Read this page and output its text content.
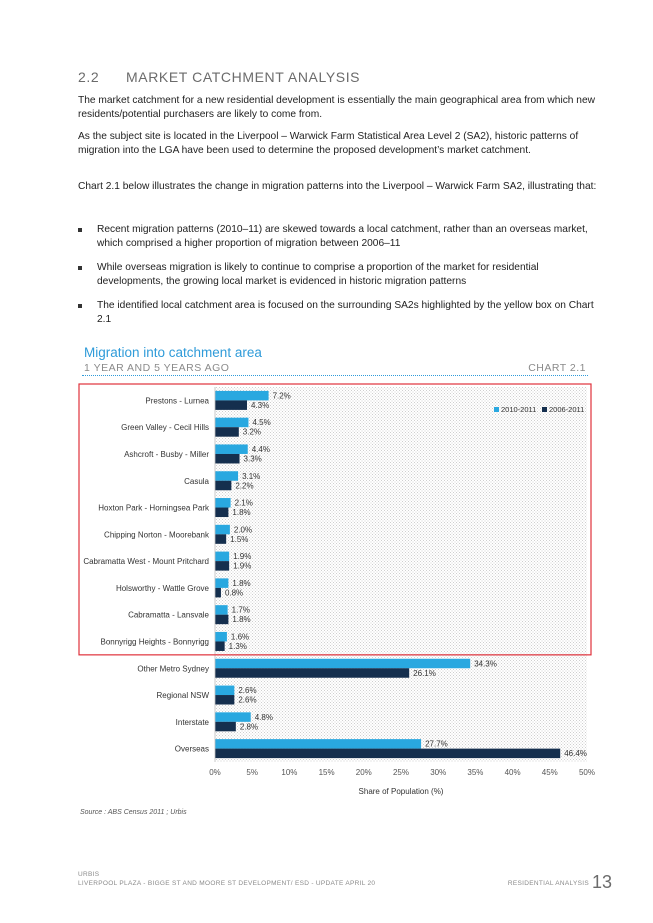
2.2 MARKET CATCHMENT ANALYSIS
The market catchment for a new residential development is essentially the main geographical area from which new residents/potential purchasers are likely to come from.
As the subject site is located in the Liverpool – Warwick Farm Statistical Area Level 2 (SA2), historic patterns of migration into the LGA have been used to determine the proposed development’s market catchment.
Chart 2.1 below illustrates the change in migration patterns into the Liverpool – Warwick Farm SA2, illustrating that:
Recent migration patterns (2010–11) are skewed towards a local catchment, rather than an overseas market, which comprised a higher proportion of migration between 2006–11
While overseas migration is likely to continue to comprise a proportion of the market for residential developments, the growing local market is evidenced in historic migration patterns
The identified local catchment area is focused on the surrounding SA2s highlighted by the yellow box on Chart 2.1
Migration into catchment area
1 YEAR AND 5 YEARS AGO	CHART 2.1
Prestons - Lurnea
7.2%
4.3%
Green Valley - Cecil Hills
4.5%
3.2%
Ashcroft - Busby - Miller
4.4%
3.3%
Casula
3.1%
2.2%
Hoxton Park - Horningsea Park
2.1%
1.8%
Chipping Norton - Moorebank
2.0%
1.5%
Cabramatta West - Mount Pritchard
1.9%
1.9%
Holsworthy - Wattle Grove
1.8%
0.8%
Cabramatta - Lansvale
1.7%
1.8%
Bonnyrigg Heights - Bonnyrigg
1.6%
1.3%
Other Metro Sydney
34.3%
26.1%
Regional NSW
2.6%
2.6%
Interstate
4.8%
2.8%
Overseas
27.7%
46.4%
0%	5%	10%	15%	20%	25%	30%	35%	40%	45%	50%
Share of Population (%)
2010-2011 2006-2011
Source : ABS Census 2011 ; Urbis
URBIS
LIVERPOOL PLAZA - BIGGE ST AND MOORE ST DEVELOPMENT/ ESD - UPDATE APRIL 20	RESIDENTIAL ANALYSIS 13
